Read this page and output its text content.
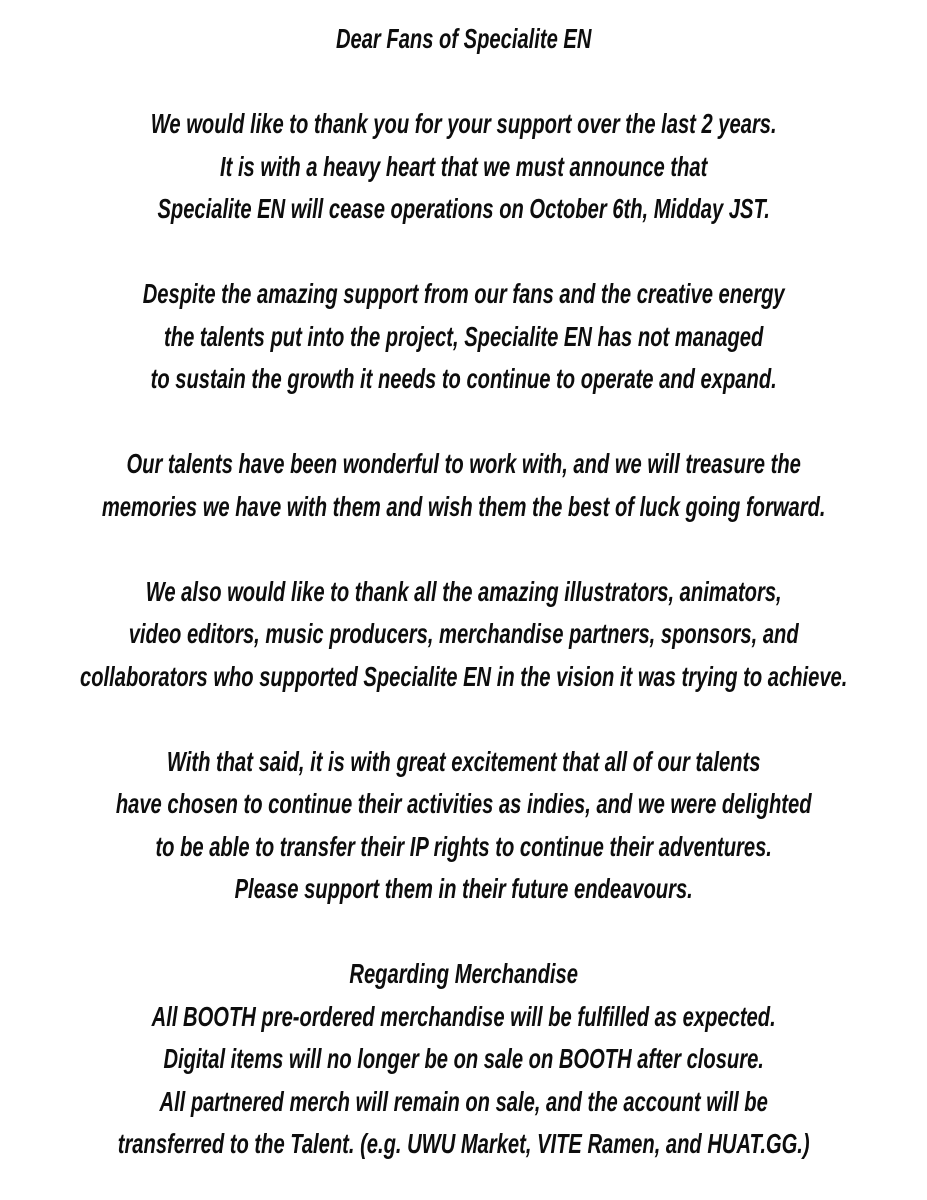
Dear Fans of Specialite EN
We would like to thank you for your support over the last 2 years.
It is with a heavy heart that we must announce that
Specialite EN will cease operations on October 6th, Midday JST.
Despite the amazing support from our fans and the creative energy
the talents put into the project, Specialite EN has not managed
to sustain the growth it needs to continue to operate and expand.
Our talents have been wonderful to work with, and we will treasure the
memories we have with them and wish them the best of luck going forward.
We also would like to thank all the amazing illustrators, animators,
video editors, music producers, merchandise partners, sponsors, and
collaborators who supported Specialite EN in the vision it was trying to achieve.
With that said, it is with great excitement that all of our talents
have chosen to continue their activities as indies, and we were delighted
to be able to transfer their IP rights to continue their adventures.
Please support them in their future endeavours.
Regarding Merchandise
All BOOTH pre-ordered merchandise will be fulfilled as expected.
Digital items will no longer be on sale on BOOTH after closure.
All partnered merch will remain on sale, and the account will be
transferred to the Talent. (e.g. UWU Market, VITE Ramen, and HUAT.GG.)
